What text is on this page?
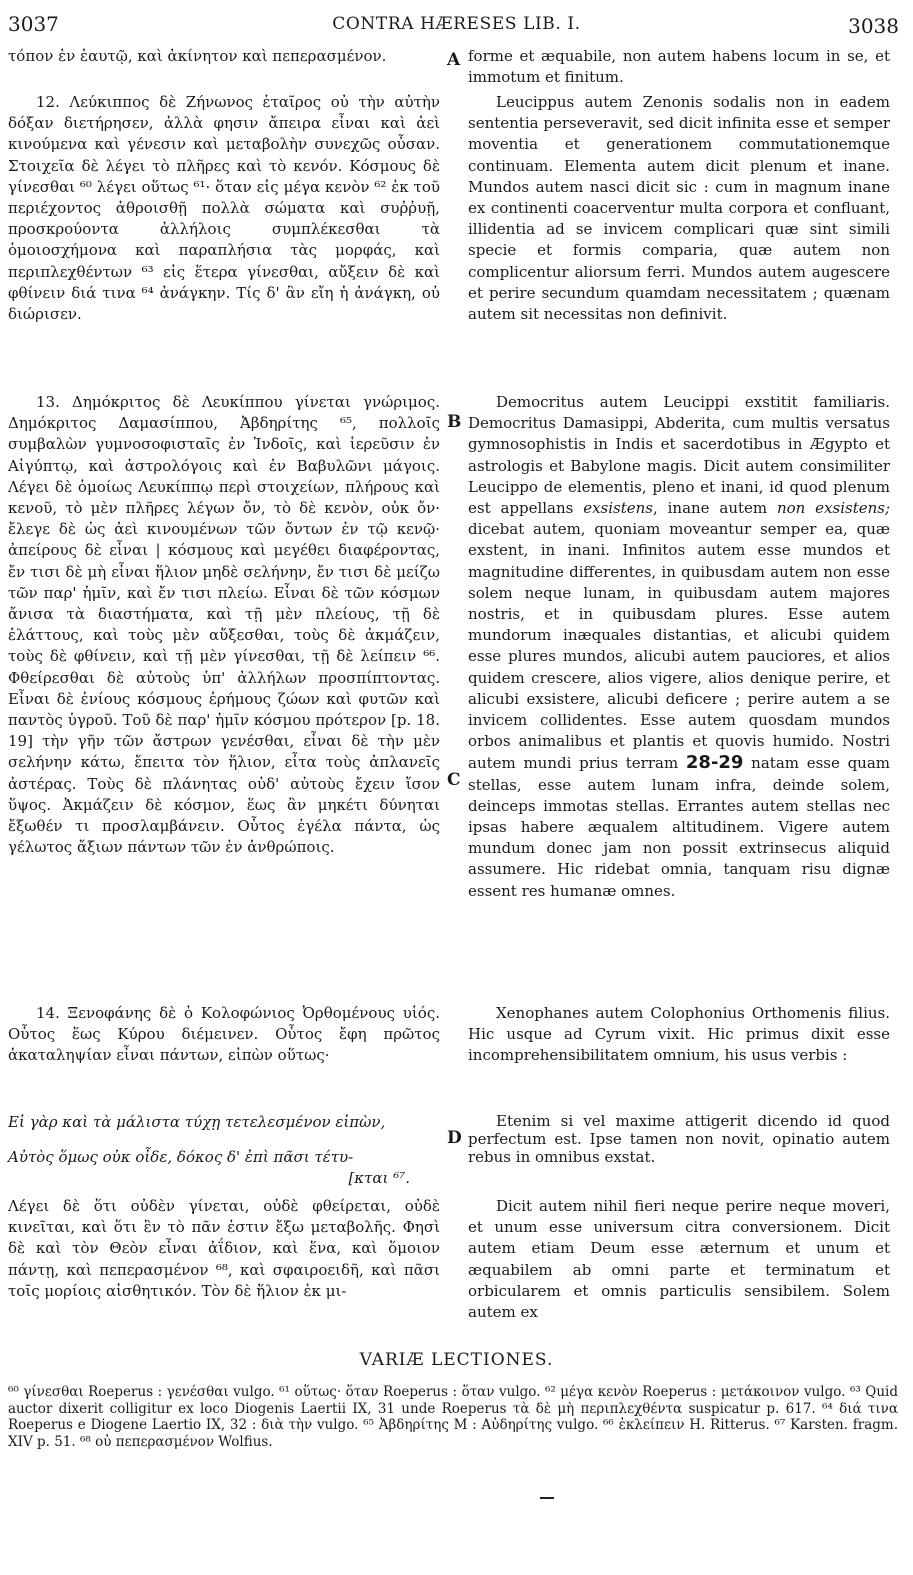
3037	CONTRA HÆRESES LIB. I.	3038

τόπον ἐν ἑαυτῷ, καὶ ἀκίνητον καὶ πεπερασμένον.

12. Λεύκιππος δὲ Ζήνωνος ἑταῖρος οὐ τὴν αὐτὴν δόξαν διετήρησεν, ἀλλὰ φησιν ἄπειρα εἶναι καὶ ἀεὶ κινούμενα καὶ γένεσιν καὶ μεταβολὴν συνεχῶς οὖσαν. Στοιχεῖα δὲ λέγει τὸ πλῆρες καὶ τὸ κενόν. Κόσμους δὲ γίνεσθαι ⁶⁰ λέγει οὕτως ⁶¹· ὅταν εἰς μέγα κενὸν ⁶² ἐκ τοῦ περιέχοντος ἀθροισθῇ πολλὰ σώματα καὶ συῤῥυῇ, προσκρούοντα ἀλλήλοις συμπλέκεσθαι τὰ ὁμοιοσχήμονα καὶ παραπλήσια τὰς μορφάς, καὶ περιπλεχθέντων ⁶³ εἰς ἕτερα γίνεσθαι, αὔξειν δὲ καὶ φθίνειν διά τινα ⁶⁴ ἀνάγκην. Τίς δ' ἂν εἴη ἡ ἀνάγκη, οὐ διώρισεν.

13. Δημόκριτος δὲ Λευκίππου γίνεται γνώριμος. Δημόκριτος Δαμασίππου, Ἀβδηρίτης ⁶⁵, πολλοῖς συμβαλὼν γυμνοσοφισταῖς ἐν Ἰνδοῖς, καὶ ἱερεῦσιν ἐν Αἰγύπτῳ, καὶ ἀστρολόγοις καὶ ἐν Βαβυλῶνι μάγοις. Λέγει δὲ ὁμοίως Λευκίππῳ περὶ στοιχείων, πλήρους καὶ κενοῦ, τὸ μὲν πλῆρες λέγων ὄν, τὸ δὲ κενὸν, οὐκ ὄν· ἔλεγε δὲ ὡς ἀεὶ κινουμένων τῶν ὄντων ἐν τῷ κενῷ· ἀπείρους δὲ εἶναι | κόσμους καὶ μεγέθει διαφέροντας, ἔν τισι δὲ μὴ εἶναι ἥλιον μηδὲ σελήνην, ἔν τισι δὲ μείζω τῶν παρ' ἡμῖν, καὶ ἔν τισι πλείω. Εἶναι δὲ τῶν κόσμων ἄνισα τὰ διαστήματα, καὶ τῇ μὲν πλείους, τῇ δὲ ἐλάττους, καὶ τοὺς μὲν αὔξεσθαι, τοὺς δὲ ἀκμάζειν, τοὺς δὲ φθίνειν, καὶ τῇ μὲν γίνεσθαι, τῇ δὲ λείπειν ⁶⁶. Φθείρεσθαι δὲ αὐτοὺς ὑπ' ἀλλήλων προσπίπτοντας. Εἶναι δὲ ἐνίους κόσμους ἐρήμους ζώων καὶ φυτῶν καὶ παντὸς ὑγροῦ. Τοῦ δὲ παρ' ἡμῖν κόσμου πρότερον [p. 18. 19] τὴν γῆν τῶν ἄστρων γενέσθαι, εἶναι δὲ τὴν μὲν σελήνην κάτω, ἔπειτα τὸν ἥλιον, εἶτα τοὺς ἀπλανεῖς ἀστέρας. Τοὺς δὲ πλάνητας οὐδ' αὐτοὺς ἔχειν ἴσον ὕψος. Ἀκμάζειν δὲ κόσμον, ἕως ἂν μηκέτι δύνηται ἔξωθέν τι προσλαμβάνειν. Οὗτος ἐγέλα πάντα, ὡς γέλωτος ἄξιων πάντων τῶν ἐν ἀνθρώποις.

14. Ξενοφάνης δὲ ὁ Κολοφώνιος Ὀρθομένους υἱός. Οὗτος ἕως Κύρου διέμεινεν. Οὗτος ἔφη πρῶτος ἀκαταληψίαν εἶναι πάντων, εἰπὼν οὕτως·

Εἰ γὰρ καὶ τὰ μάλιστα τύχῃ τετελεσμένον εἰπὼν,

Αὐτὸς ὅμως οὐκ οἶδε, δόκος δ' ἐπὶ πᾶσι τέτυ-

[κται ⁶⁷.

Λέγει δὲ ὅτι οὐδὲν γίνεται, οὐδὲ φθείρεται, οὐδὲ κινεῖται, καὶ ὅτι ἓν τὸ πᾶν ἐστιν ἔξω μεταβολῆς. Φησὶ δὲ καὶ τὸν Θεὸν εἶναι ἀΐδιον, καὶ ἕνα, καὶ ὅμοιον πάντῃ, καὶ πεπερασμένον ⁶⁸, καὶ σφαιροειδῆ, καὶ πᾶσι τοῖς μορίοις αἰσθητικόν. Τὸν δὲ ἥλιον ἐκ μι-

A
B
C
D

forme et æquabile, non autem habens locum in se, et immotum et finitum.

Leucippus autem Zenonis sodalis non in eadem sententia perseveravit, sed dicit infinita esse et semper moventia et generationem commutationemque continuam. Elementa autem dicit plenum et inane. Mundos autem nasci dicit sic : cum in magnum inane ex continenti coacerventur multa corpora et confluant, illidentia ad se invicem complicari quæ sint simili specie et formis comparia, quæ autem non complicentur aliorsum ferri. Mundos autem augescere et perire secundum quamdam necessitatem ; quænam autem sit necessitas non definivit.

Democritus autem Leucippi exstitit familiaris. Democritus Damasippi, Abderita, cum multis versatus gymnosophistis in Indis et sacerdotibus in Ægypto et astrologis et Babylone magis. Dicit autem consimiliter Leucippo de elementis, pleno et inani, id quod plenum est appellans exsistens, inane autem non exsistens; dicebat autem, quoniam moveantur semper ea, quæ exstent, in inani. Infinitos autem esse mundos et magnitudine differentes, in quibusdam autem non esse solem neque lunam, in quibusdam autem majores nostris, et in quibusdam plures. Esse autem mundorum inæquales distantias, et alicubi quidem esse plures mundos, alicubi autem pauciores, et alios quidem crescere, alios vigere, alios denique perire, et alicubi exsistere, alicubi deficere ; perire autem a se invicem collidentes. Esse autem quosdam mundos orbos animalibus et plantis et quovis humido. Nostri autem mundi prius terram 28-29 natam esse quam stellas, esse autem lunam infra, deinde solem, deinceps immotas stellas. Errantes autem stellas nec ipsas habere æqualem altitudinem. Vigere autem mundum donec jam non possit extrinsecus aliquid assumere. Hic ridebat omnia, tanquam risu dignæ essent res humanæ omnes.

Xenophanes autem Colophonius Orthomenis filius. Hic usque ad Cyrum vixit. Hic primus dixit esse incomprehensibilitatem omnium, his usus verbis :

Etenim si vel maxime attigerit dicendo id quod perfectum est. Ipse tamen non novit, opinatio autem rebus in omnibus exstat.

Dicit autem nihil fieri neque perire neque moveri, et unum esse universum citra conversionem. Dicit autem etiam Deum esse æternum et unum et æquabilem ab omni parte et terminatum et orbicularem et omnis particulis sensibilem. Solem autem ex

VARIÆ LECTIONES.

⁶⁰ γίνεσθαι Roeperus : γενέσθαι vulgo. ⁶¹ οὕτως· ὅταν Roeperus : ὅταν vulgo. ⁶² μέγα κενὸν Roeperus : μετάκοινον vulgo. ⁶³ Quid auctor dixerit colligitur ex loco Diogenis Laertii IX, 31 unde Roeperus τὰ δὲ μὴ περιπλεχθέντα suspicatur p. 617. ⁶⁴ διά τινα Roeperus e Diogene Laertio IX, 32 : διὰ τὴν vulgo. ⁶⁵ Ἀβδηρίτης M : Αὐδηρίτης vulgo. ⁶⁶ ἐκλείπειν H. Ritterus. ⁶⁷ Karsten. fragm. XIV p. 51. ⁶⁸ οὐ πεπερασμένον Wolfius.
